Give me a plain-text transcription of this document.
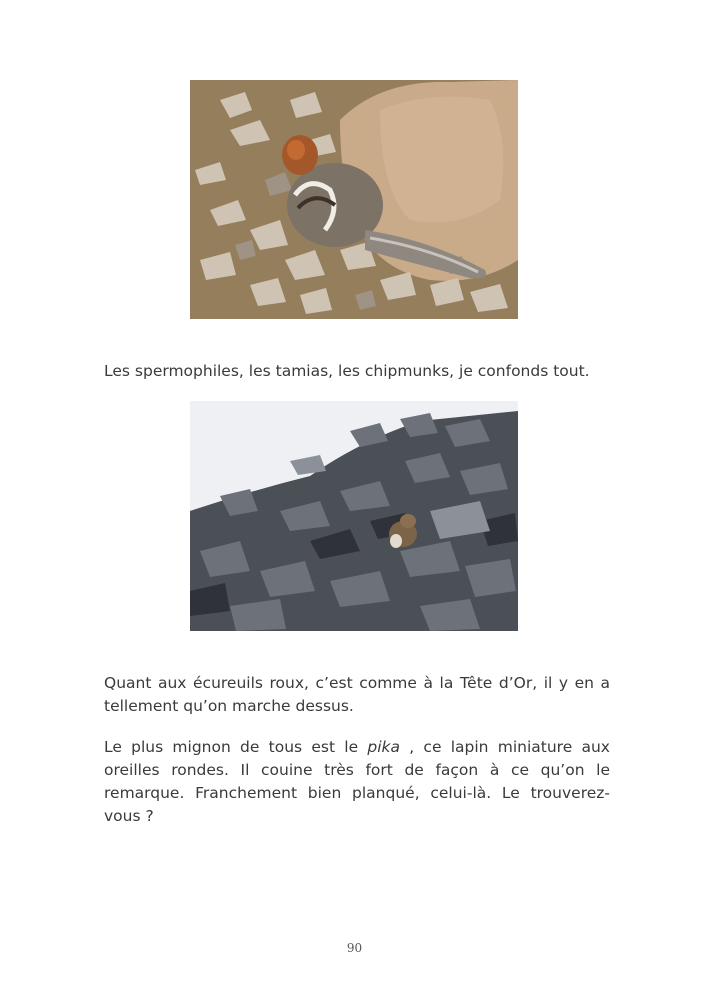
Les spermophiles, les tamias, les chipmunks, je confonds tout.

Quant aux écureuils roux, c’est comme à la Tête d’Or, il y en a tellement qu’on marche dessus.

Le plus mignon de tous est le pika , ce lapin miniature aux oreilles rondes. Il couine très fort de façon à ce qu’on le remarque. Franchement bien planqué, celui-là. Le trouverez-vous ?

90
